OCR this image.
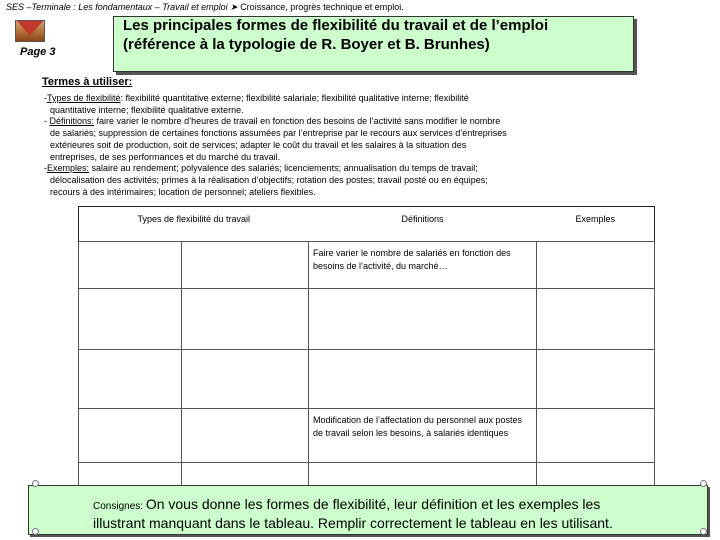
SES –Terminale : Les fondamentaux – Travail et emploi ➤ Croissance, progrès technique et emploi.
Page 3
Les principales formes de flexibilité du travail et de l’emploi
(référence à la typologie de R. Boyer et B. Brunhes)
Termes à utiliser:

-Types de flexibilité: flexibilité quantitative externe; flexibilité salariale; flexibilité qualitative interne; flexibilité

quantitative interne; flexibilité qualitative externe.

- Définitions: faire varier le nombre d’heures de travail en fonction des besoins de l’activité sans modifier le nombre

de salariés; suppression de certaines fonctions assumées par l’entreprise par le recours aux services d’entreprises

extérieures soit de production, soit de services; adapter le coût du travail et les salaires à la situation des

entreprises, de ses performances et du marché du travail.

-Exemples: salaire au rendement; polyvalence des salariés; licenciements; annualisation du temps de travail;

délocalisation des activités; primes à la réalisation d’objectifs; rotation des postes; travail posté ou en équipes;

recours à des intérimaires; location de personnel; ateliers flexibles.

Types de flexibilité du travail		Définitions	Exemples

		Faire varier le nombre de salariés en fonction des besoins de l’activité, du marché…	

		Modification de l’affectation du personnel aux postes de travail selon les besoins, à salariés identiques	

Consignes: On vous donne les formes de flexibilité, leur définition et les exemples les
illustrant manquant dans le tableau. Remplir correctement le tableau en les utilisant.
